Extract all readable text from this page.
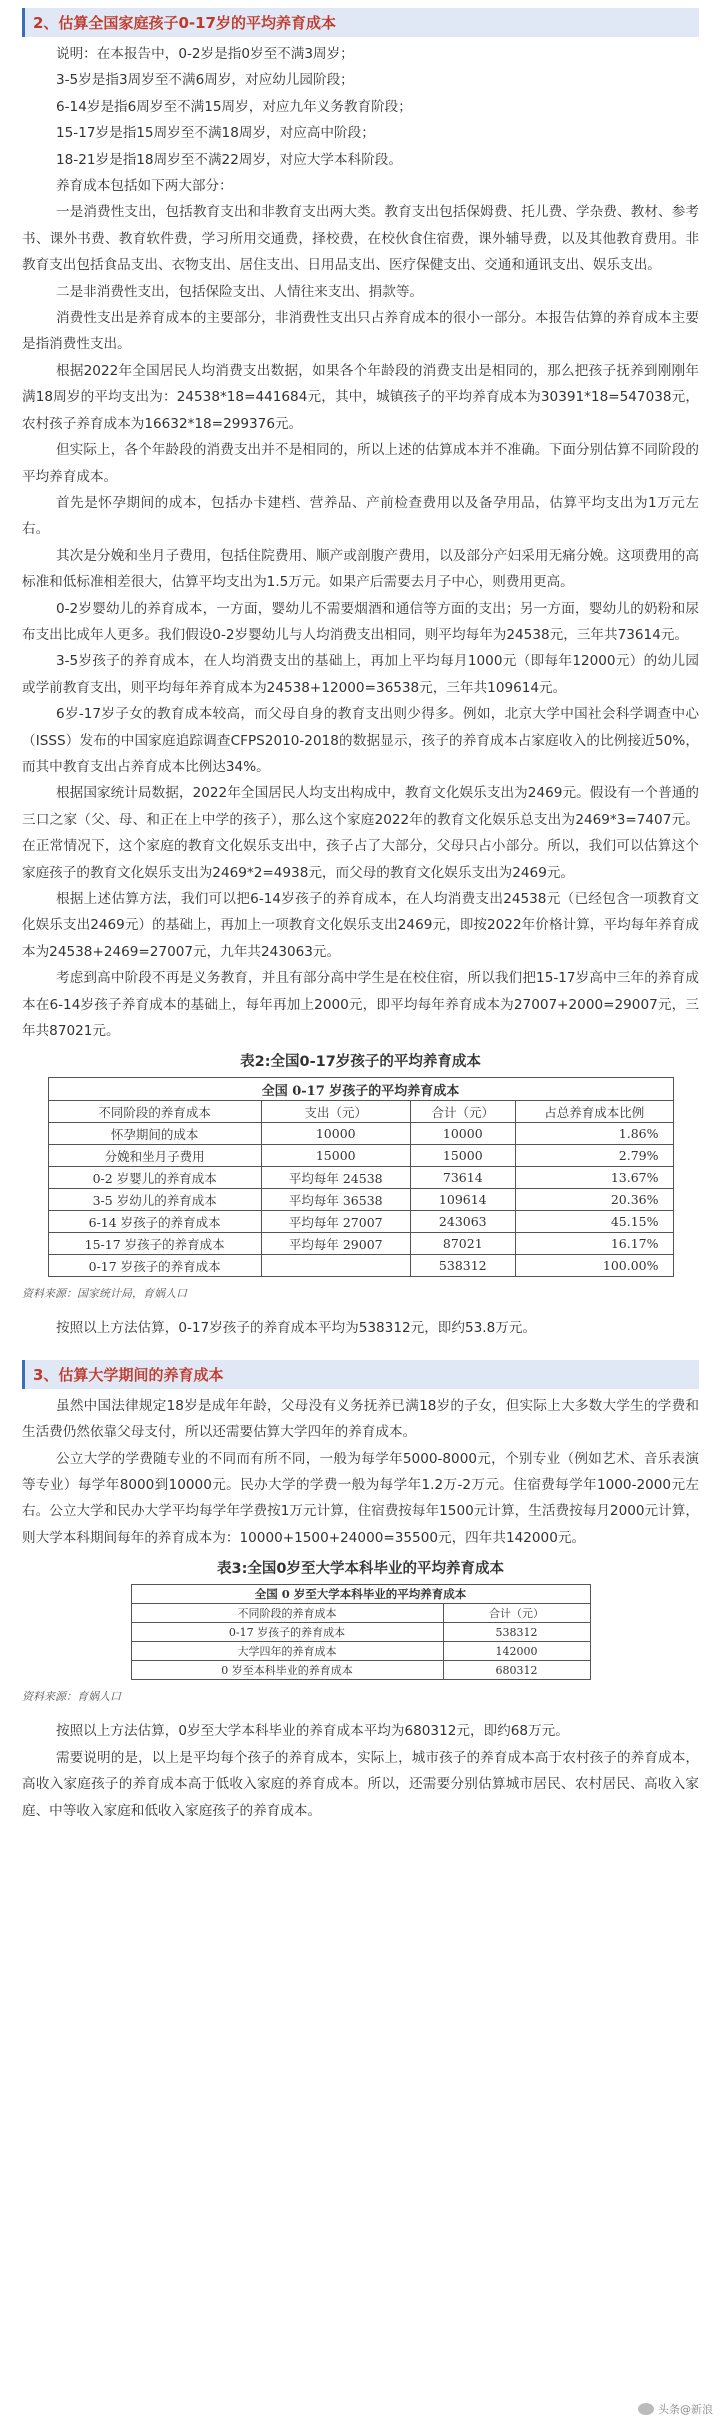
2、估算全国家庭孩子0-17岁的平均养育成本

说明：在本报告中，0-2岁是指0岁至不满3周岁；

3-5岁是指3周岁至不满6周岁，对应幼儿园阶段；

6-14岁是指6周岁至不满15周岁，对应九年义务教育阶段；

15-17岁是指15周岁至不满18周岁，对应高中阶段；

18-21岁是指18周岁至不满22周岁，对应大学本科阶段。

养育成本包括如下两大部分：

一是消费性支出，包括教育支出和非教育支出两大类。教育支出包括保姆费、托儿费、学杂费、教材、参考书、课外书费、教育软件费，学习所用交通费，择校费，在校伙食住宿费，课外辅导费，以及其他教育费用。非教育支出包括食品支出、衣物支出、居住支出、日用品支出、医疗保健支出、交通和通讯支出、娱乐支出。

二是非消费性支出，包括保险支出、人情往来支出、捐款等。

消费性支出是养育成本的主要部分，非消费性支出只占养育成本的很小一部分。本报告估算的养育成本主要是指消费性支出。

根据2022年全国居民人均消费支出数据，如果各个年龄段的消费支出是相同的，那么把孩子抚养到刚刚年满18周岁的平均支出为：24538*18=441684元，其中，城镇孩子的平均养育成本为30391*18=547038元，农村孩子养育成本为16632*18=299376元。

但实际上，各个年龄段的消费支出并不是相同的，所以上述的估算成本并不准确。下面分别估算不同阶段的平均养育成本。

首先是怀孕期间的成本，包括办卡建档、营养品、产前检查费用以及备孕用品，估算平均支出为1万元左右。

其次是分娩和坐月子费用，包括住院费用、顺产或剖腹产费用，以及部分产妇采用无痛分娩。这项费用的高标准和低标准相差很大，估算平均支出为1.5万元。如果产后需要去月子中心，则费用更高。

0-2岁婴幼儿的养育成本，一方面，婴幼儿不需要烟酒和通信等方面的支出；另一方面，婴幼儿的奶粉和尿布支出比成年人更多。我们假设0-2岁婴幼儿与人均消费支出相同，则平均每年为24538元，三年共73614元。

3-5岁孩子的养育成本，在人均消费支出的基础上，再加上平均每月1000元（即每年12000元）的幼儿园或学前教育支出，则平均每年养育成本为24538+12000=36538元，三年共109614元。

6岁-17岁子女的教育成本较高，而父母自身的教育支出则少得多。例如，北京大学中国社会科学调查中心（ISSS）发布的中国家庭追踪调查CFPS2010-2018的数据显示，孩子的养育成本占家庭收入的比例接近50%，而其中教育支出占养育成本比例达34%。

根据国家统计局数据，2022年全国居民人均支出构成中，教育文化娱乐支出为2469元。假设有一个普通的三口之家（父、母、和正在上中学的孩子），那么这个家庭2022年的教育文化娱乐总支出为2469*3=7407元。在正常情况下，这个家庭的教育文化娱乐支出中，孩子占了大部分，父母只占小部分。所以，我们可以估算这个家庭孩子的教育文化娱乐支出为2469*2=4938元，而父母的教育文化娱乐支出为2469元。

根据上述估算方法，我们可以把6-14岁孩子的养育成本，在人均消费支出24538元（已经包含一项教育文化娱乐支出2469元）的基础上，再加上一项教育文化娱乐支出2469元，即按2022年价格计算，平均每年养育成本为24538+2469=27007元，九年共243063元。

考虑到高中阶段不再是义务教育，并且有部分高中学生是在校住宿，所以我们把15-17岁高中三年的养育成本在6-14岁孩子养育成本的基础上，每年再加上2000元，即平均每年养育成本为27007+2000=29007元，三年共87021元。

表2:全国0-17岁孩子的平均养育成本
全国 0-17 岁孩子的平均养育成本			
不同阶段的养育成本	支出（元）	合计（元）	占总养育成本比例
怀孕期间的成本	10000	10000	1.86%
分娩和坐月子费用	15000	15000	2.79%
0-2 岁婴儿的养育成本	平均每年 24538	73614	13.67%
3-5 岁幼儿的养育成本	平均每年 36538	109614	20.36%
6-14 岁孩子的养育成本	平均每年 27007	243063	45.15%
15-17 岁孩子的养育成本	平均每年 29007	87021	16.17%
0-17 岁孩子的养育成本		538312	100.00%
资料来源：国家统计局，育娲人口

按照以上方法估算，0-17岁孩子的养育成本平均为538312元，即约53.8万元。

3、估算大学期间的养育成本

虽然中国法律规定18岁是成年年龄，父母没有义务抚养已满18岁的子女，但实际上大多数大学生的学费和生活费仍然依靠父母支付，所以还需要估算大学四年的养育成本。

公立大学的学费随专业的不同而有所不同，一般为每学年5000-8000元，个别专业（例如艺术、音乐表演等专业）每学年8000到10000元。民办大学的学费一般为每学年1.2万-2万元。住宿费每学年1000-2000元左右。公立大学和民办大学平均每学年学费按1万元计算，住宿费按每年1500元计算，生活费按每月2000元计算，则大学本科期间每年的养育成本为：10000+1500+24000=35500元，四年共142000元。

表3:全国0岁至大学本科毕业的平均养育成本
全国 0 岁至大学本科毕业的平均养育成本	
不同阶段的养育成本	合计（元）
0-17 岁孩子的养育成本	538312
大学四年的养育成本	142000
0 岁至本科毕业的养育成本	680312
资料来源：育娲人口

按照以上方法估算，0岁至大学本科毕业的养育成本平均为680312元，即约68万元。

需要说明的是，以上是平均每个孩子的养育成本，实际上，城市孩子的养育成本高于农村孩子的养育成本，高收入家庭孩子的养育成本高于低收入家庭的养育成本。所以，还需要分别估算城市居民、农村居民、高收入家庭、中等收入家庭和低收入家庭孩子的养育成本。

头条@新浪
